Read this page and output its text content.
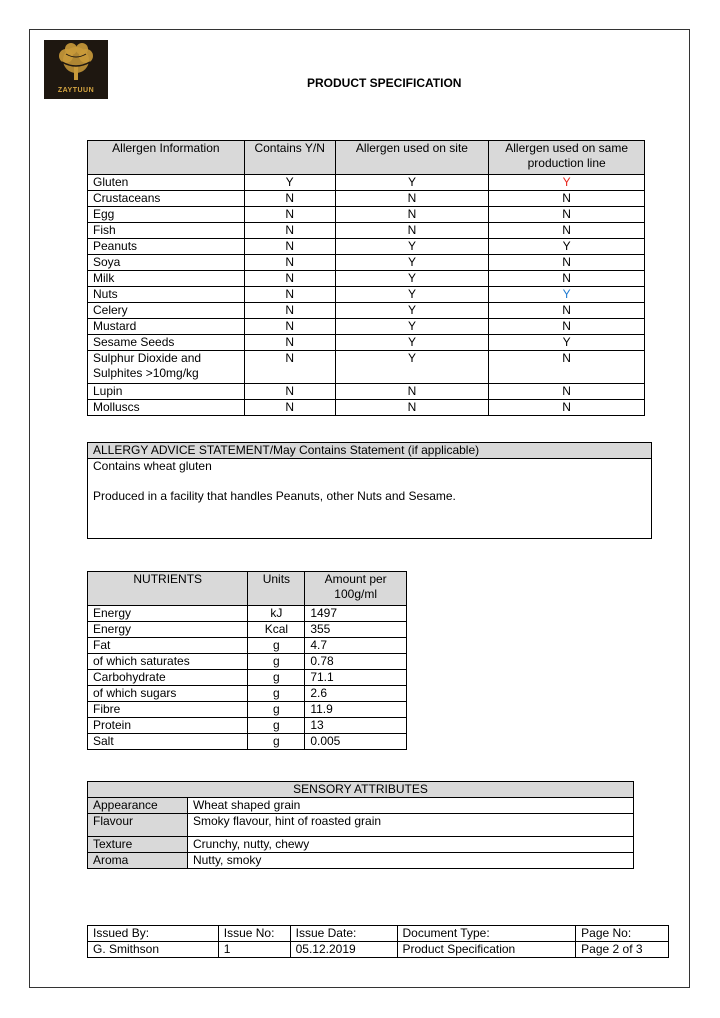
ZAYTUUN
PRODUCT SPECIFICATION
Allergen Information	Contains Y/N	Allergen used on site	Allergen used on same production line
Gluten	Y	Y	Y
Crustaceans	N	N	N
Egg	N	N	N
Fish	N	N	N
Peanuts	N	Y	Y
Soya	N	Y	N
Milk	N	Y	N
Nuts	N	Y	Y
Celery	N	Y	N
Mustard	N	Y	N
Sesame Seeds	N	Y	Y
Sulphur Dioxide and Sulphites >10mg/kg	N	Y	N
Lupin	N	N	N
Molluscs	N	N	N
ALLERGY ADVICE STATEMENT/May Contains Statement (if applicable)
Contains wheat gluten

Produced in a facility that handles Peanuts, other Nuts and Sesame.
NUTRIENTS	Units	Amount per 100g/ml
Energy	kJ	1497
Energy	Kcal	355
Fat	g	4.7
of which saturates	g	0.78
Carbohydrate	g	71.1
of which sugars	g	2.6
Fibre	g	11.9
Protein	g	13
Salt	g	0.005
SENSORY ATTRIBUTES	
Appearance	Wheat shaped grain
Flavour	Smoky flavour, hint of roasted grain
Texture	Crunchy, nutty, chewy
Aroma	Nutty, smoky
Issued By:	Issue No:	Issue Date:	Document Type:	Page No:
G. Smithson	1	05.12.2019	Product Specification	Page 2 of 3
